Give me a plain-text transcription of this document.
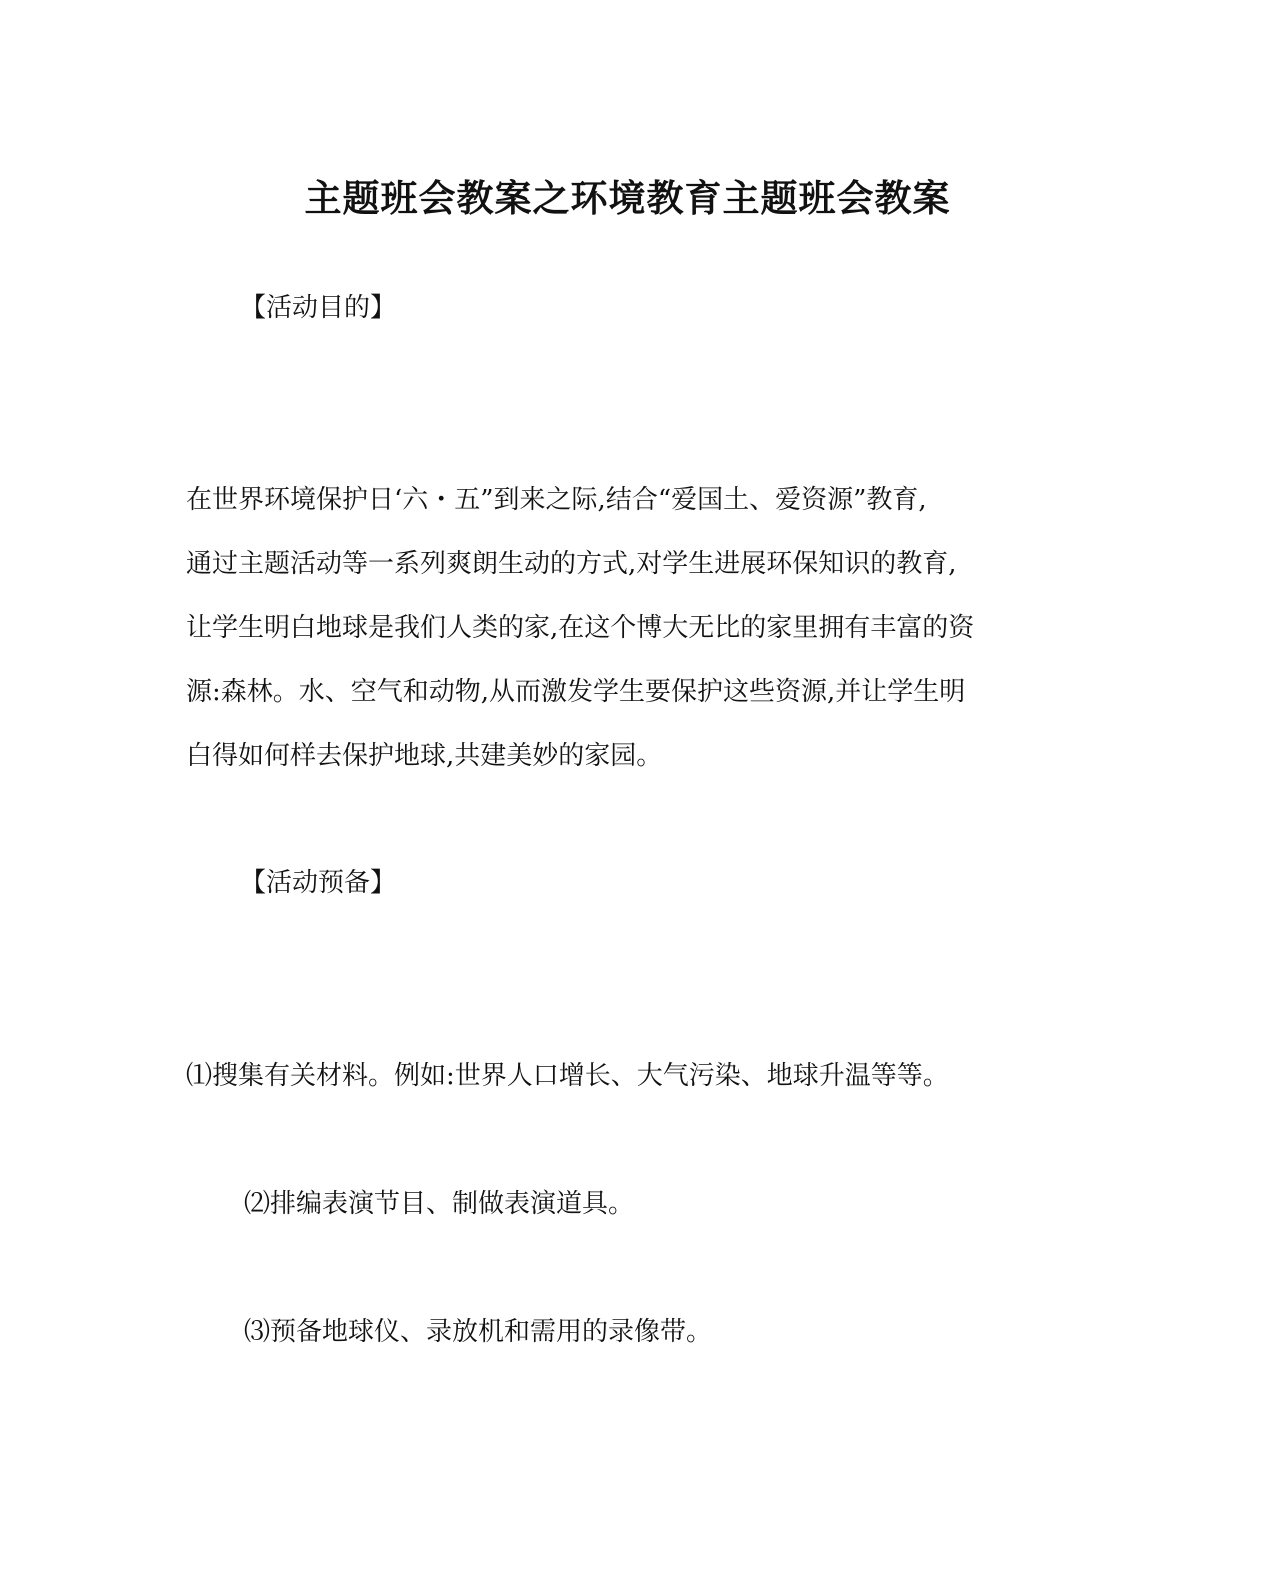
主题班会教案之环境教育主题班会教案
【活动目的】
在世界环境保护日‘六・五”到来之际,结合“爱国土、爱资源”教育,
通过主题活动等一系列爽朗生动的方式,对学生进展环保知识的教育,
让学生明白地球是我们人类的家,在这个博大无比的家里拥有丰富的资
源:森林。水、空气和动物,从而激发学生要保护这些资源,并让学生明
白得如何样去保护地球,共建美妙的家园。
【活动预备】
⑴搜集有关材料。例如:世界人口增长、大气污染、地球升温等等。
⑵排编表演节目、制做表演道具。
⑶预备地球仪、录放机和需用的录像带。
